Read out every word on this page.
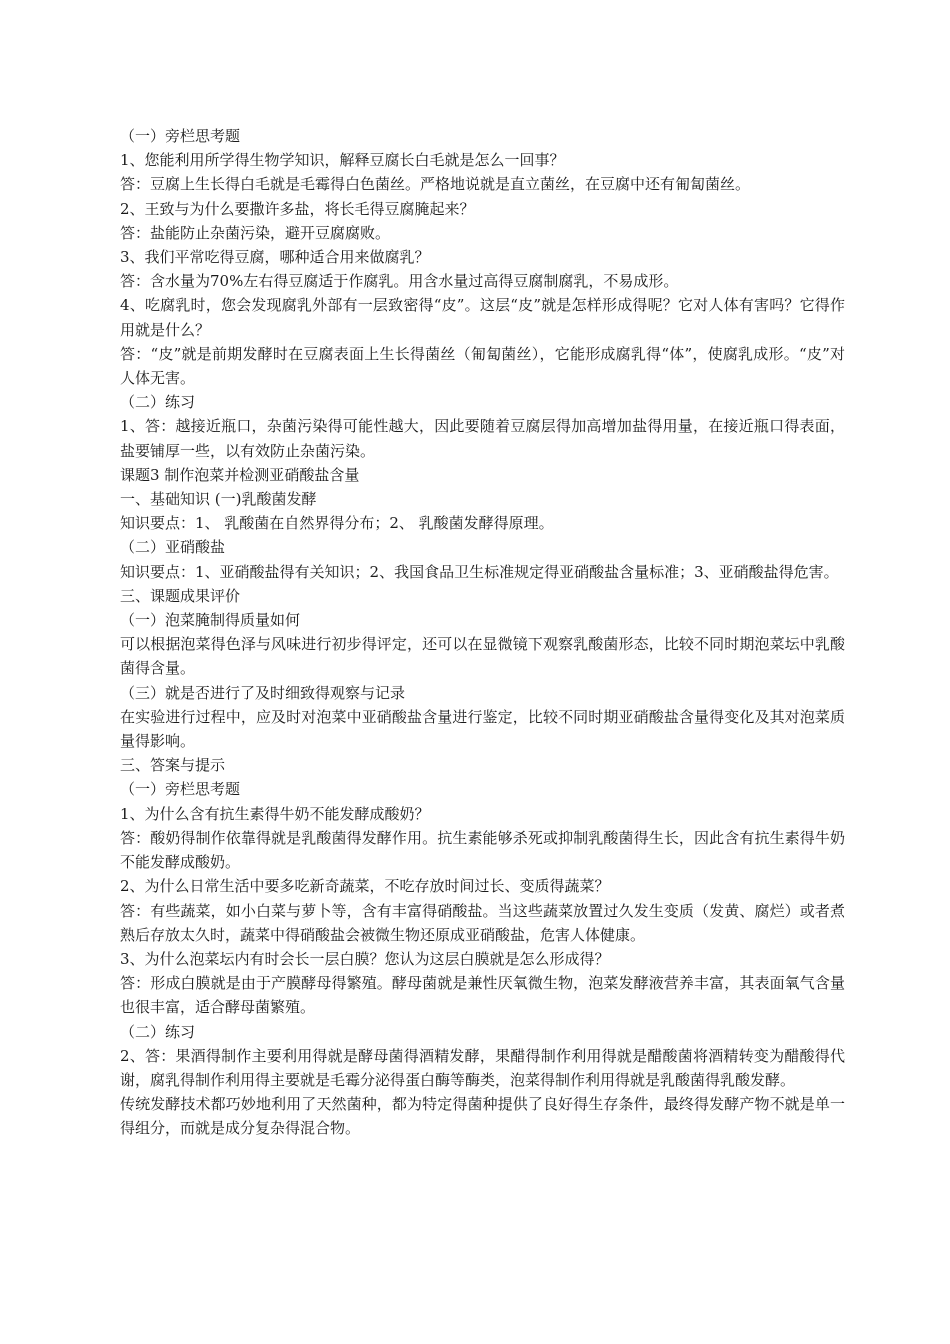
（一）旁栏思考题

1、您能利用所学得生物学知识，解释豆腐长白毛就是怎么一回事？

答：豆腐上生长得白毛就是毛霉得白色菌丝。严格地说就是直立菌丝，在豆腐中还有匍匐菌丝。

2、王致与为什么要撒许多盐，将长毛得豆腐腌起来？

答：盐能防止杂菌污染，避开豆腐腐败。

3、我们平常吃得豆腐，哪种适合用来做腐乳？

答：含水量为70%左右得豆腐适于作腐乳。用含水量过高得豆腐制腐乳，不易成形。

4、吃腐乳时，您会发现腐乳外部有一层致密得“皮”。这层“皮”就是怎样形成得呢？它对人体有害吗？它得作用就是什么？

答：“皮”就是前期发酵时在豆腐表面上生长得菌丝（匍匐菌丝），它能形成腐乳得“体”，使腐乳成形。“皮”对人体无害。

（二）练习

1、答：越接近瓶口，杂菌污染得可能性越大，因此要随着豆腐层得加高增加盐得用量，在接近瓶口得表面，盐要铺厚一些，以有效防止杂菌污染。

课题3 制作泡菜并检测亚硝酸盐含量

一、基础知识 (一)乳酸菌发酵

知识要点：1、 乳酸菌在自然界得分布；2、 乳酸菌发酵得原理。

（二）亚硝酸盐

知识要点：1、亚硝酸盐得有关知识；2、我国食品卫生标准规定得亚硝酸盐含量标准；3、亚硝酸盐得危害。

三、课题成果评价

（一）泡菜腌制得质量如何

可以根据泡菜得色泽与风味进行初步得评定，还可以在显微镜下观察乳酸菌形态，比较不同时期泡菜坛中乳酸菌得含量。

（三）就是否进行了及时细致得观察与记录

在实验进行过程中，应及时对泡菜中亚硝酸盐含量进行鉴定，比较不同时期亚硝酸盐含量得变化及其对泡菜质量得影响。

三、答案与提示

（一）旁栏思考题

1、为什么含有抗生素得牛奶不能发酵成酸奶？

答：酸奶得制作依靠得就是乳酸菌得发酵作用。抗生素能够杀死或抑制乳酸菌得生长，因此含有抗生素得牛奶不能发酵成酸奶。

2、为什么日常生活中要多吃新奇蔬菜，不吃存放时间过长、变质得蔬菜？

答：有些蔬菜，如小白菜与萝卜等，含有丰富得硝酸盐。当这些蔬菜放置过久发生变质（发黄、腐烂）或者煮熟后存放太久时，蔬菜中得硝酸盐会被微生物还原成亚硝酸盐，危害人体健康。

3、为什么泡菜坛内有时会长一层白膜？您认为这层白膜就是怎么形成得？

答：形成白膜就是由于产膜酵母得繁殖。酵母菌就是兼性厌氧微生物，泡菜发酵液营养丰富，其表面氧气含量也很丰富，适合酵母菌繁殖。

（二）练习

2、答：果酒得制作主要利用得就是酵母菌得酒精发酵，果醋得制作利用得就是醋酸菌将酒精转变为醋酸得代谢，腐乳得制作利用得主要就是毛霉分泌得蛋白酶等酶类，泡菜得制作利用得就是乳酸菌得乳酸发酵。

传统发酵技术都巧妙地利用了天然菌种，都为特定得菌种提供了良好得生存条件，最终得发酵产物不就是单一得组分，而就是成分复杂得混合物。
